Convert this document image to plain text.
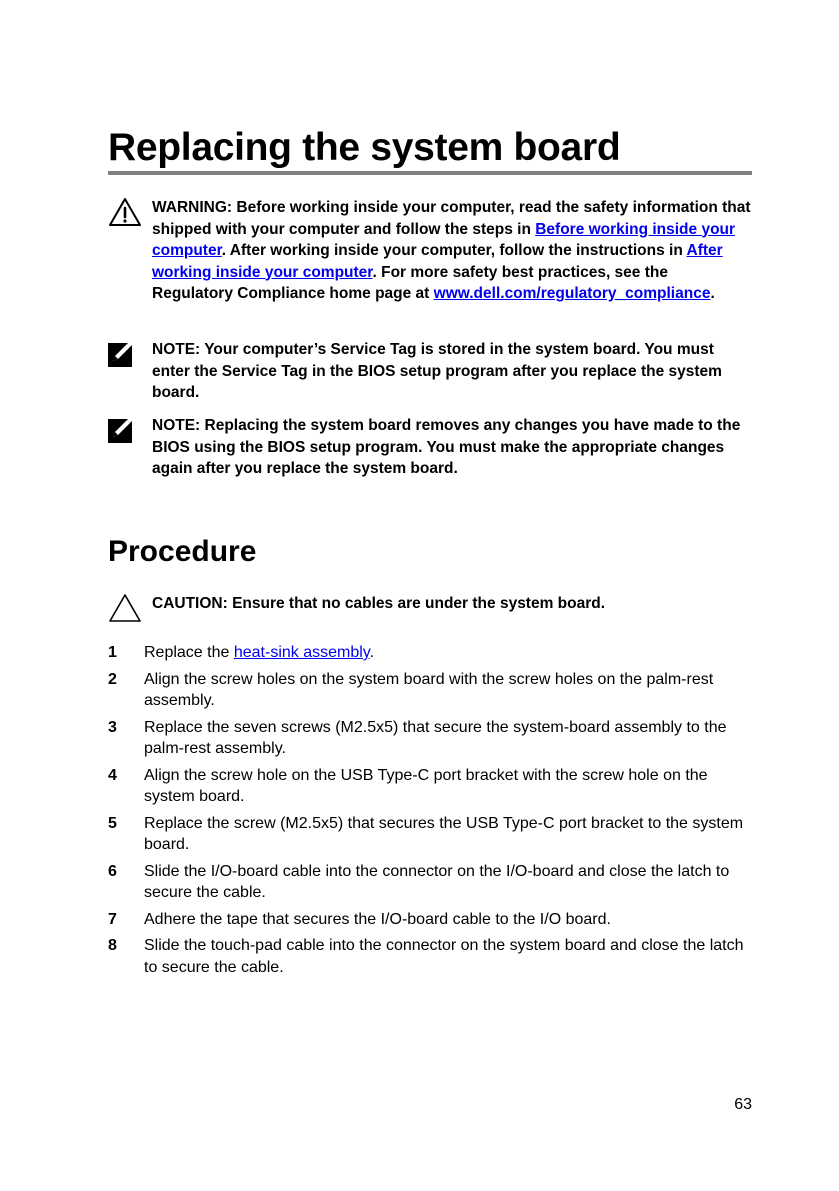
Replacing the system board
WARNING: Before working inside your computer, read the safety information that shipped with your computer and follow the steps in Before working inside your computer. After working inside your computer, follow the instructions in After working inside your computer. For more safety best practices, see the Regulatory Compliance home page at www.dell.com/regulatory_compliance.
NOTE: Your computer’s Service Tag is stored in the system board. You must enter the Service Tag in the BIOS setup program after you replace the system board.
NOTE: Replacing the system board removes any changes you have made to the BIOS using the BIOS setup program. You must make the appropriate changes again after you replace the system board.
Procedure
CAUTION: Ensure that no cables are under the system board.
1 Replace the heat-sink assembly.
2 Align the screw holes on the system board with the screw holes on the palm-rest assembly.
3 Replace the seven screws (M2.5x5) that secure the system-board assembly to the palm-rest assembly.
4 Align the screw hole on the USB Type-C port bracket with the screw hole on the system board.
5 Replace the screw (M2.5x5) that secures the USB Type-C port bracket to the system board.
6 Slide the I/O-board cable into the connector on the I/O-board and close the latch to secure the cable.
7 Adhere the tape that secures the I/O-board cable to the I/O board.
8 Slide the touch-pad cable into the connector on the system board and close the latch to secure the cable.
63
